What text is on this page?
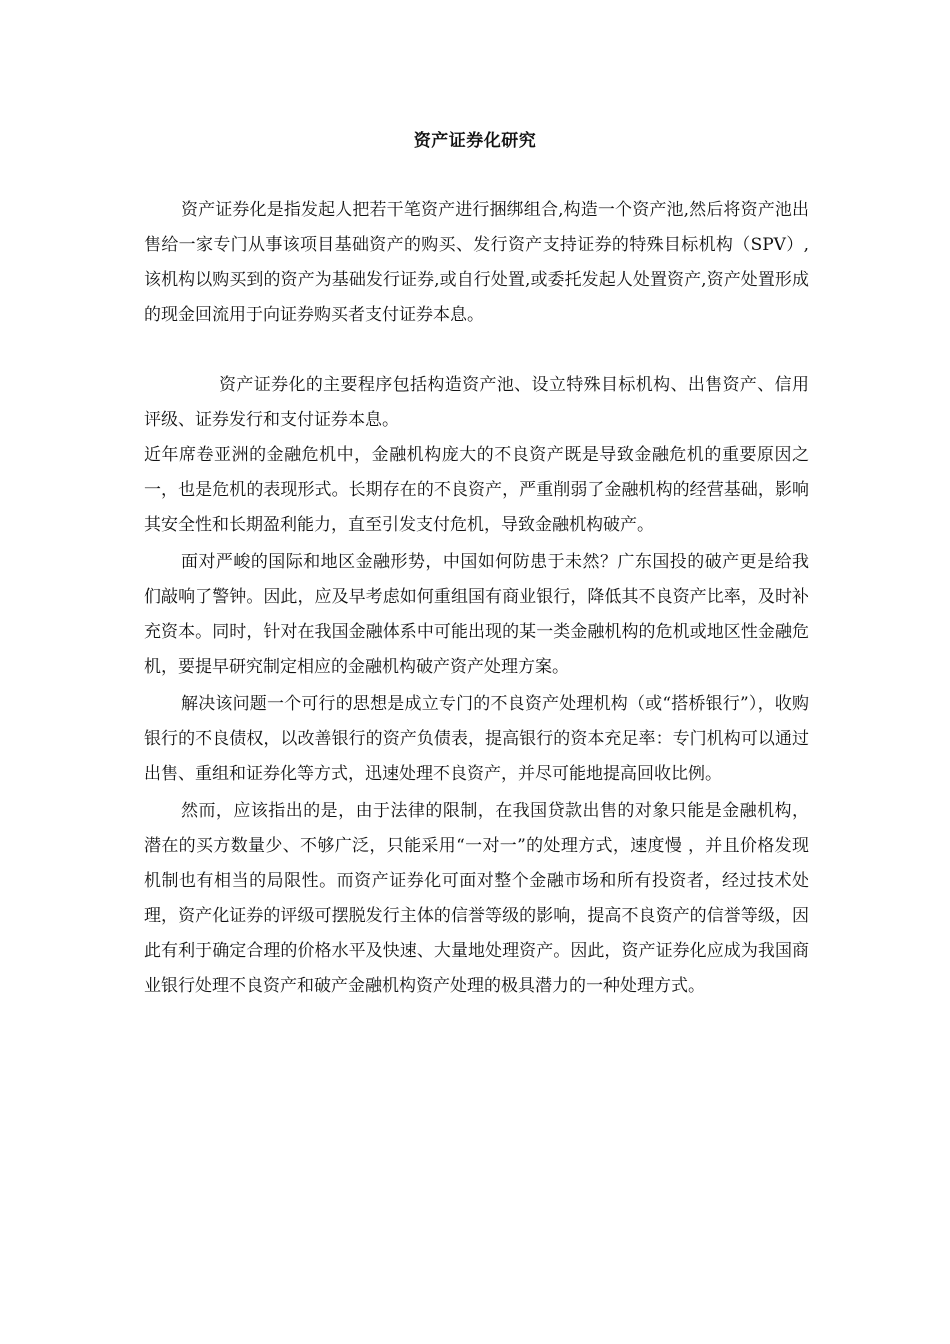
资产证券化研究

资产证券化是指发起人把若干笔资产进行捆绑组合,构造一个资产池,然后将资产池出售给一家专门从事该项目基础资产的购买、发行资产支持证券的特殊目标机构（SPV）,该机构以购买到的资产为基础发行证券,或自行处置,或委托发起人处置资产,资产处置形成的现金回流用于向证券购买者支付证券本息。

资产证券化的主要程序包括构造资产池、设立特殊目标机构、出售资产、信用评级、证券发行和支付证券本息。

近年席卷亚洲的金融危机中，金融机构庞大的不良资产既是导致金融危机的重要原因之一，也是危机的表现形式。长期存在的不良资产，严重削弱了金融机构的经营基础，影响其安全性和长期盈利能力，直至引发支付危机，导致金融机构破产。

面对严峻的国际和地区金融形势，中国如何防患于未然？广东国投的破产更是给我们敲响了警钟。因此，应及早考虑如何重组国有商业银行，降低其不良资产比率，及时补充资本。同时，针对在我国金融体系中可能出现的某一类金融机构的危机或地区性金融危机，要提早研究制定相应的金融机构破产资产处理方案。

解决该问题一个可行的思想是成立专门的不良资产处理机构（或“搭桥银行”），收购银行的不良债权，以改善银行的资产负债表，提高银行的资本充足率：专门机构可以通过出售、重组和证券化等方式，迅速处理不良资产，并尽可能地提高回收比例。

然而，应该指出的是，由于法律的限制，在我国贷款出售的对象只能是金融机构，潜在的买方数量少、不够广泛，只能采用“一对一”的处理方式，速度慢 ，并且价格发现机制也有相当的局限性。而资产证券化可面对整个金融市场和所有投资者，经过技术处理，资产化证券的评级可摆脱发行主体的信誉等级的影响，提高不良资产的信誉等级，因此有利于确定合理的价格水平及快速、大量地处理资产。因此，资产证券化应成为我国商业银行处理不良资产和破产金融机构资产处理的极具潜力的一种处理方式。
